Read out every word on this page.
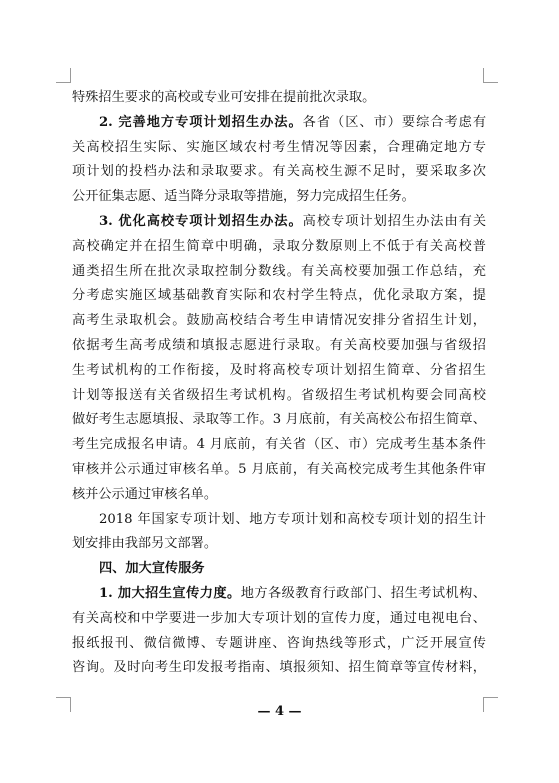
特殊招生要求的高校或专业可安排在提前批次录取。
2. 完善地方专项计划招生办法。各省（区、市）要综合考虑有
关高校招生实际、实施区域农村考生情况等因素，合理确定地方专
项计划的投档办法和录取要求。有关高校生源不足时，要采取多次
公开征集志愿、适当降分录取等措施，努力完成招生任务。
3. 优化高校专项计划招生办法。高校专项计划招生办法由有关
高校确定并在招生简章中明确，录取分数原则上不低于有关高校普
通类招生所在批次录取控制分数线。有关高校要加强工作总结，充
分考虑实施区域基础教育实际和农村学生特点，优化录取方案，提
高考生录取机会。鼓励高校结合考生申请情况安排分省招生计划，
依据考生高考成绩和填报志愿进行录取。有关高校要加强与省级招
生考试机构的工作衔接，及时将高校专项计划招生简章、分省招生
计划等报送有关省级招生考试机构。省级招生考试机构要会同高校
做好考生志愿填报、录取等工作。3 月底前，有关高校公布招生简章、
考生完成报名申请。4 月底前，有关省（区、市）完成考生基本条件
审核并公示通过审核名单。5 月底前，有关高校完成考生其他条件审
核并公示通过审核名单。
2018 年国家专项计划、地方专项计划和高校专项计划的招生计
划安排由我部另文部署。
四、加大宣传服务
1. 加大招生宣传力度。地方各级教育行政部门、招生考试机构、
有关高校和中学要进一步加大专项计划的宣传力度，通过电视电台、
报纸报刊、微信微博、专题讲座、咨询热线等形式，广泛开展宣传
咨询。及时向考生印发报考指南、填报须知、招生简章等宣传材料，
— 4 —
